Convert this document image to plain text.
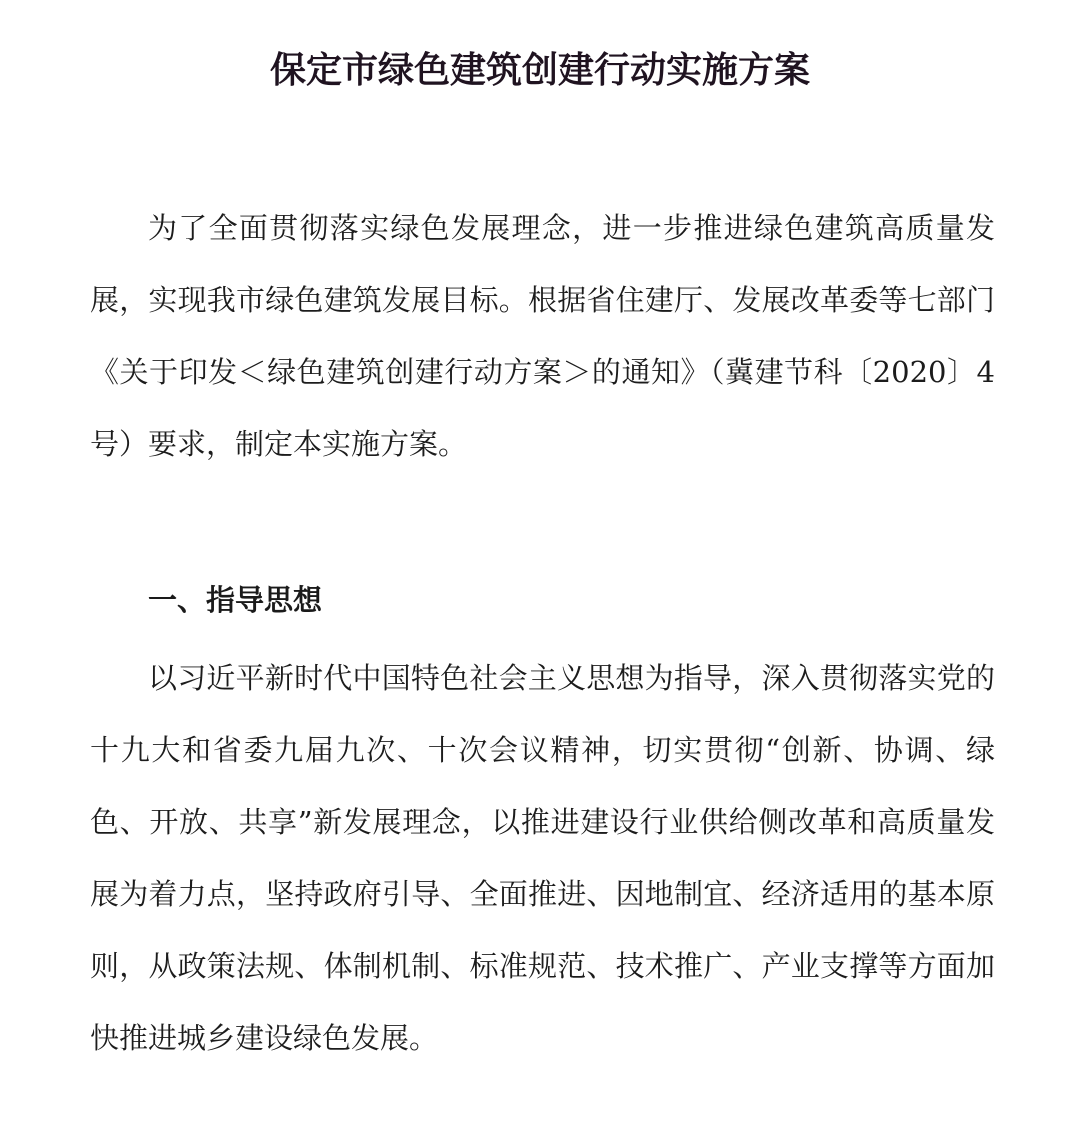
保定市绿色建筑创建行动实施方案

为了全面贯彻落实绿色发展理念，进一步推进绿色建筑高质量发展，实现我市绿色建筑发展目标。根据省住建厅、发展改革委等七部门《关于印发＜绿色建筑创建行动方案＞的通知》（冀建节科〔2020〕4号）要求，制定本实施方案。

一、指导思想

以习近平新时代中国特色社会主义思想为指导，深入贯彻落实党的十九大和省委九届九次、十次会议精神，切实贯彻“创新、协调、绿色、开放、共享”新发展理念，以推进建设行业供给侧改革和高质量发展为着力点，坚持政府引导、全面推进、因地制宜、经济适用的基本原则，从政策法规、体制机制、标准规范、技术推广、产业支撑等方面加快推进城乡建设绿色发展。
